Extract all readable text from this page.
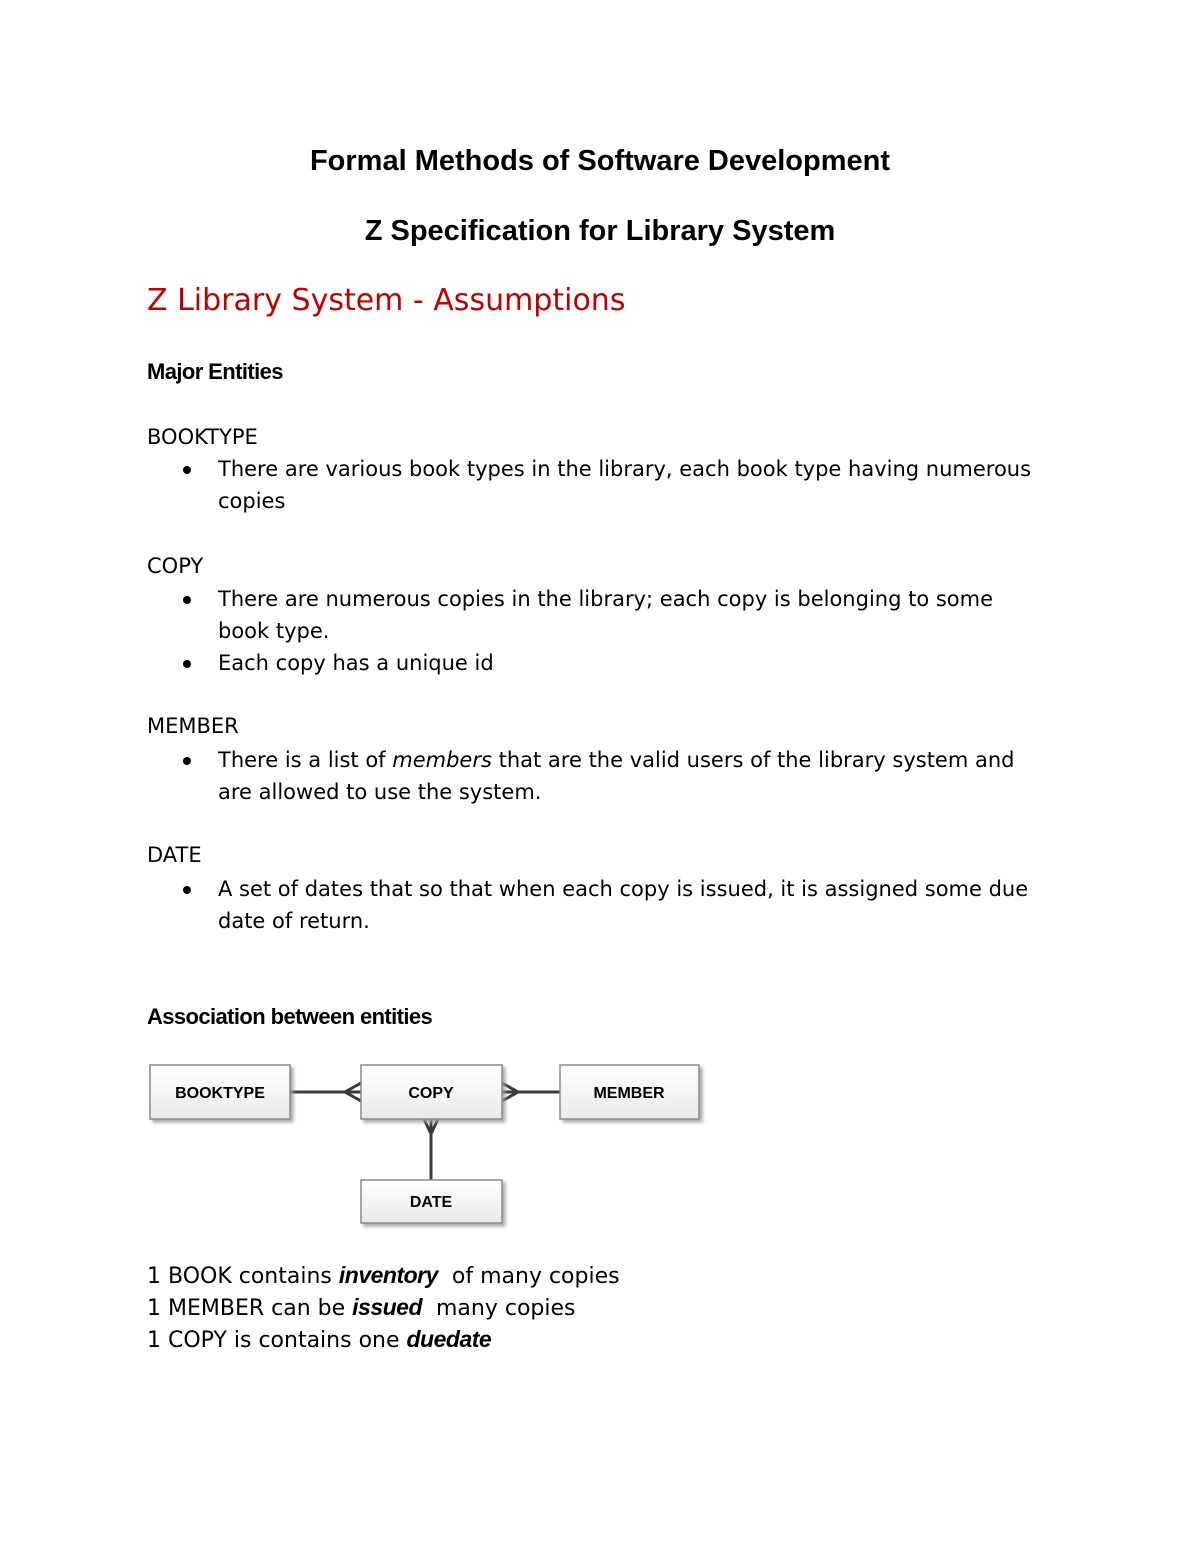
Formal Methods of Software Development
Z Specification for Library System
Z Library System - Assumptions
Major Entities
BOOKTYPE
There are various book types in the library, each book type having numerous copies
COPY
There are numerous copies in the library; each copy is belonging to some book type.
Each copy has a unique id
MEMBER
There is a list of members that are the valid users of the library system and are allowed to use the system.
DATE
A set of dates that so that when each copy is issued, it is assigned some due date of return.
Association between entities
BOOKTYPE	COPY	MEMBER
DATE
1 BOOK contains inventory  of many copies
1 MEMBER can be issued  many copies
1 COPY is contains one duedate
